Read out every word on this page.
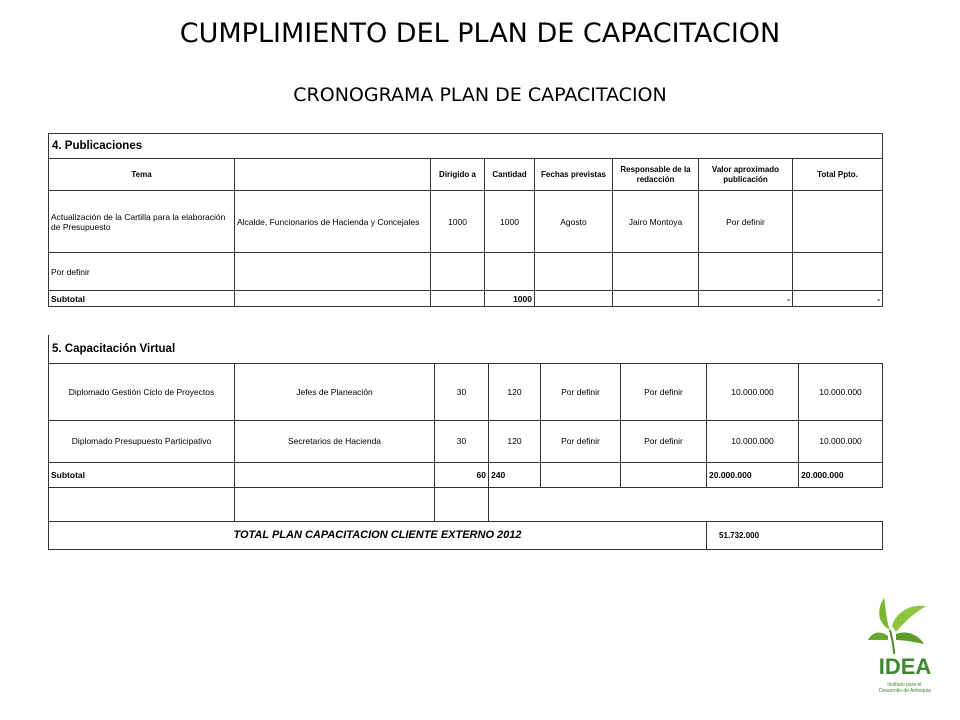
CUMPLIMIENTO DEL PLAN DE CAPACITACION
CRONOGRAMA PLAN DE CAPACITACION
4. Publicaciones							
Tema		Dirigido a	Cantidad	Fechas previstas	Responsable de la redacción	Valor aproximado publicación	Total Ppto.
Actualización de la Cartilla para la elaboración de Presupuesto	Alcalde, Funcionarios de Hacienda y Concejales	1000	1000	Agosto	Jairo Montoya	Por definir	
Por definir							
Subtotal			1000			-	-
5. Capacitación Virtual							
Diplomado Gestión Ciclo de Proyectos	Jefes de Planeación	30	120	Por definir	Por definir	10.000.000	10.000.000
Diplomado Presupuesto Participativo	Secretarios de Hacienda	30	120	Por definir	Por definir	10.000.000	10.000.000
Subtotal		60	240			20.000.000	20.000.000

TOTAL PLAN CAPACITACION CLIENTE EXTERNO 2012						51.732.000	
IDEA
Instituto para el Desarrollo de Antioquia
